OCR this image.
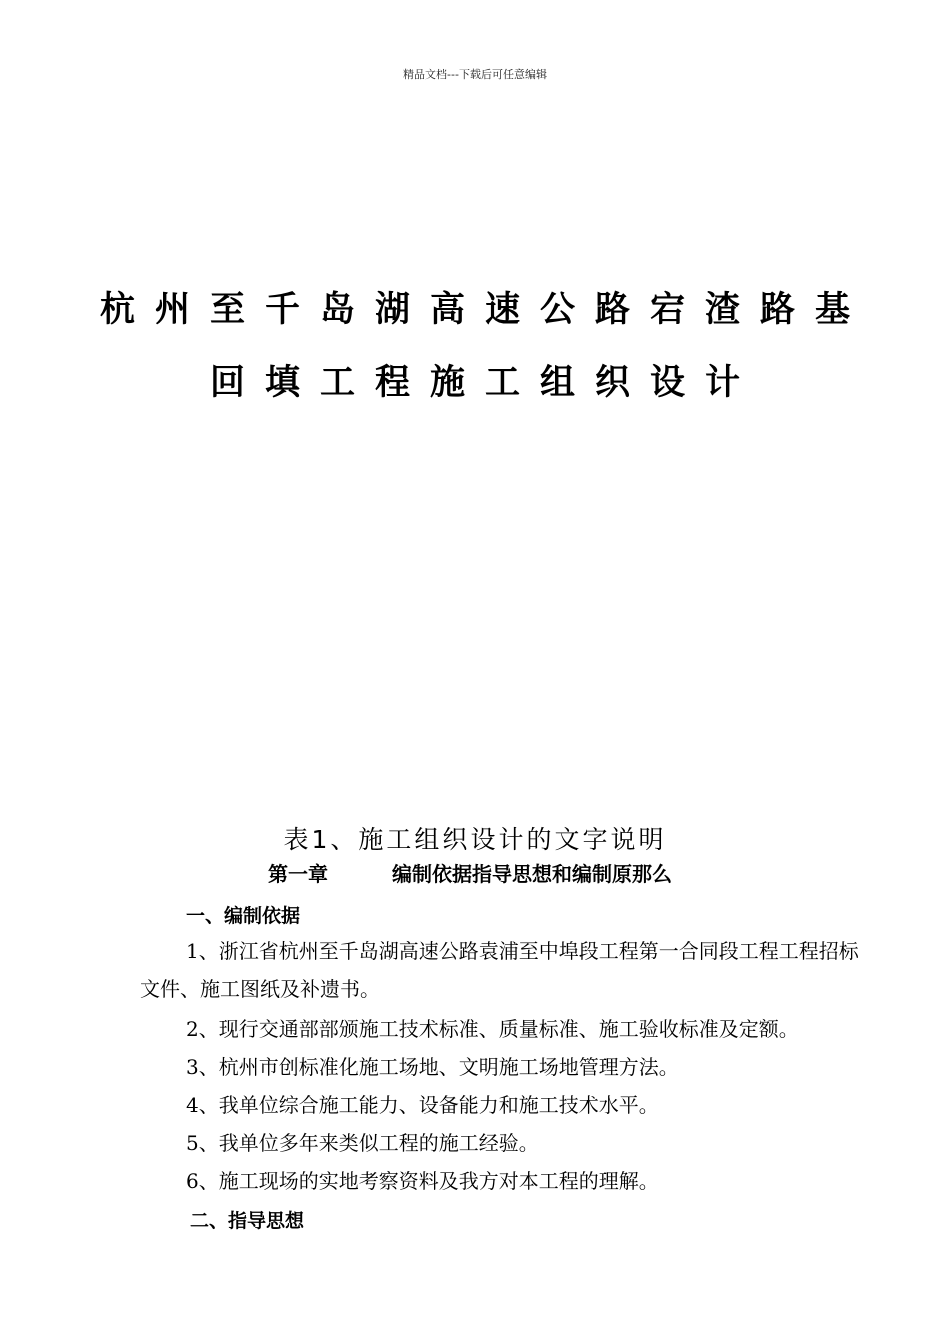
精品文档---下载后可任意编辑
杭州至千岛湖高速公路宕渣路基
回填工程施工组织设计
表1、施工组织设计的文字说明
第一章	编制依据指导思想和编制原那么
一、编制依据
1、浙江省杭州至千岛湖高速公路袁浦至中埠段工程第一合同段工程工程招标文件、施工图纸及补遗书。
2、现行交通部部颁施工技术标准、质量标准、施工验收标准及定额。
3、杭州市创标准化施工场地、文明施工场地管理方法。
4、我单位综合施工能力、设备能力和施工技术水平。
5、我单位多年来类似工程的施工经验。
6、施工现场的实地考察资料及我方对本工程的理解。
二、指导思想
